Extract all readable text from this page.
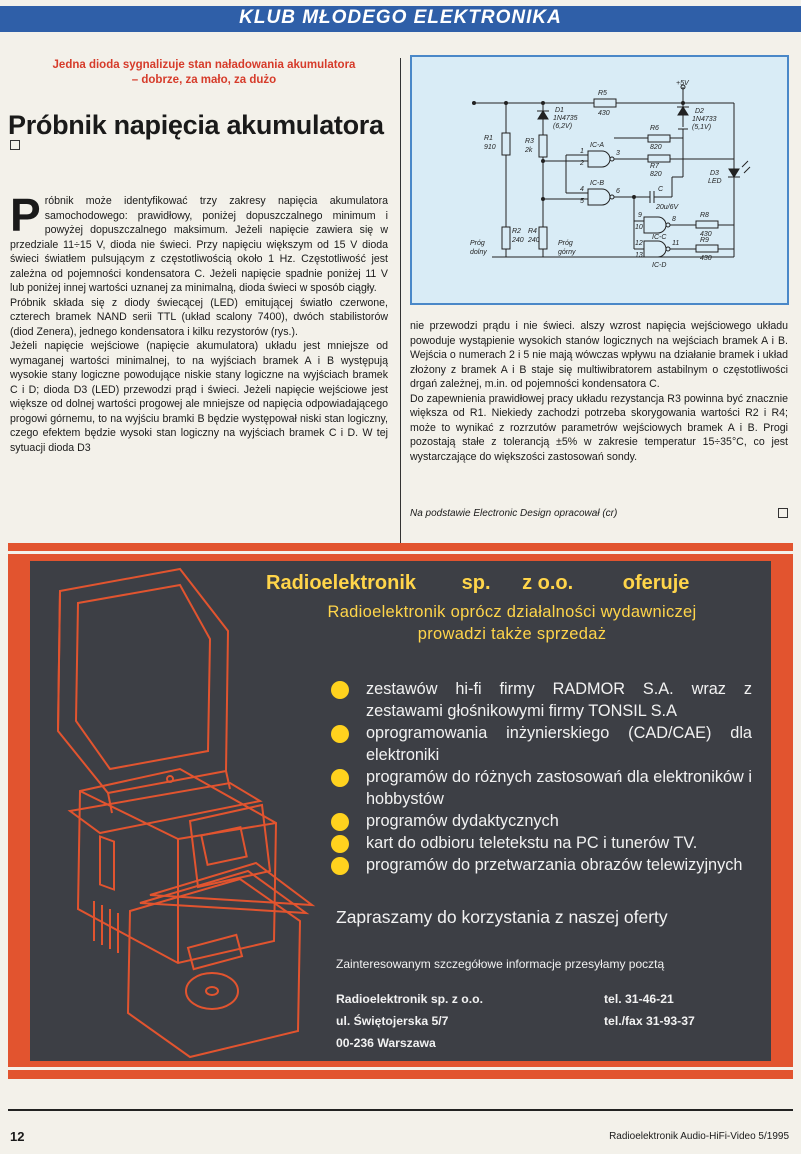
KLUB MŁODEGO ELEKTRONIKA
Jedna dioda sygnalizuje stan naładowania akumulatora
– dobrze, za mało, za dużo
Próbnik napięcia akumulatora

Próbnik może identyfikować trzy zakresy napięcia akumulatora samochodowego: prawidłowy, poniżej dopuszczalnego minimum i powyżej dopuszczalnego maksimum. Jeżeli napięcie zawiera się w przedziale 11÷15 V, dioda nie świeci. Przy napięciu większym od 15 V dioda świeci światłem pulsującym z częstotliwością około 1 Hz. Częstotliwość jest zależna od pojemności kondensatora C. Jeżeli napięcie spadnie poniżej 11 V lub poniżej innej wartości uznanej za minimalną, dioda świeci w sposób ciągły.

Próbnik składa się z diody świecącej (LED) emitującej światło czerwone, czterech bramek NAND serii TTL (układ scalony 7400), dwóch stabilistorów (diod Zenera), jednego kondensatora i kilku rezystorów (rys.).

Jeżeli napięcie wejściowe (napięcie akumulatora) układu jest mniejsze od wymaganej wartości minimalnej, to na wyjściach bramek A i B występują wysokie stany logiczne powodujące niskie stany logiczne na wyjściach bramek C i D; dioda D3 (LED) przewodzi prąd i świeci. Jeżeli napięcie wejściowe jest większe od dolnej wartości progowej ale mniejsze od napięcia odpowiadającego progowi górnemu, to na wyjściu bramki B będzie występował niski stan logiczny, czego efektem będzie wysoki stan logiczny na wyjściach bramek C i D. W tej sytuacji dioda D3

+5V
R5
430
D1
1N4735
(6,2V)
D2
1N4733
(5,1V)
R1
910
R3
2k
R6
820
R7
820
IC-A
IC-B
IC-C
IC-D
C
20u/6V
R8
430
R9
430
D3
LED
R2
240
R4
240
Próg
dolny
Próg
górny
1
2
3
4
5
6
8
9
10
11
12
13

nie przewodzi prądu i nie świeci. alszy wzrost napięcia wejściowego układu powoduje wystąpienie wysokich stanów logicznych na wejściach bramek A i B. Wejścia o numerach 2 i 5 nie mają wówczas wpływu na działanie bramek i układ złożony z bramek A i B staje się multiwibratorem astabilnym o częstotliwości drgań zależnej, m.in. od pojemności kondensatora C.

Do zapewnienia prawidłowej pracy układu rezystancja R3 powinna być znacznie większa od R1. Niekiedy zachodzi potrzeba skorygowania wartości R2 i R4; może to wynikać z rozrzutów parametrów wejściowych bramek A i B. Progi pozostają stałe z tolerancją ±5% w zakresie temperatur 15÷35°C, co jest wystarczające do większości zastosowań sondy.

Na podstawie Electronic Design opracował (cr)
Radioelektronik sp. z o.o. oferuje
Radioelektronik oprócz działalności wydawniczej
prowadzi także sprzedaż
zestawów hi-fi firmy RADMOR S.A. wraz z zestawami głośnikowymi firmy TONSIL S.A
oprogramowania inżynierskiego (CAD/CAE) dla elektroniki
programów do różnych zastosowań dla elektroników i hobbystów
programów dydaktycznych
kart do odbioru teletekstu na PC i tunerów TV.
programów do przetwarzania obrazów telewizyjnych
Zapraszamy do korzystania z naszej oferty
Zainteresowanym szczegółowe informacje przesyłamy pocztą
Radioelektronik sp. z o.o.
ul. Świętojerska 5/7
00-236 Warszawa
tel. 31-46-21
tel./fax 31-93-37
12	Radioelektronik Audio-HiFi-Video 5/1995
